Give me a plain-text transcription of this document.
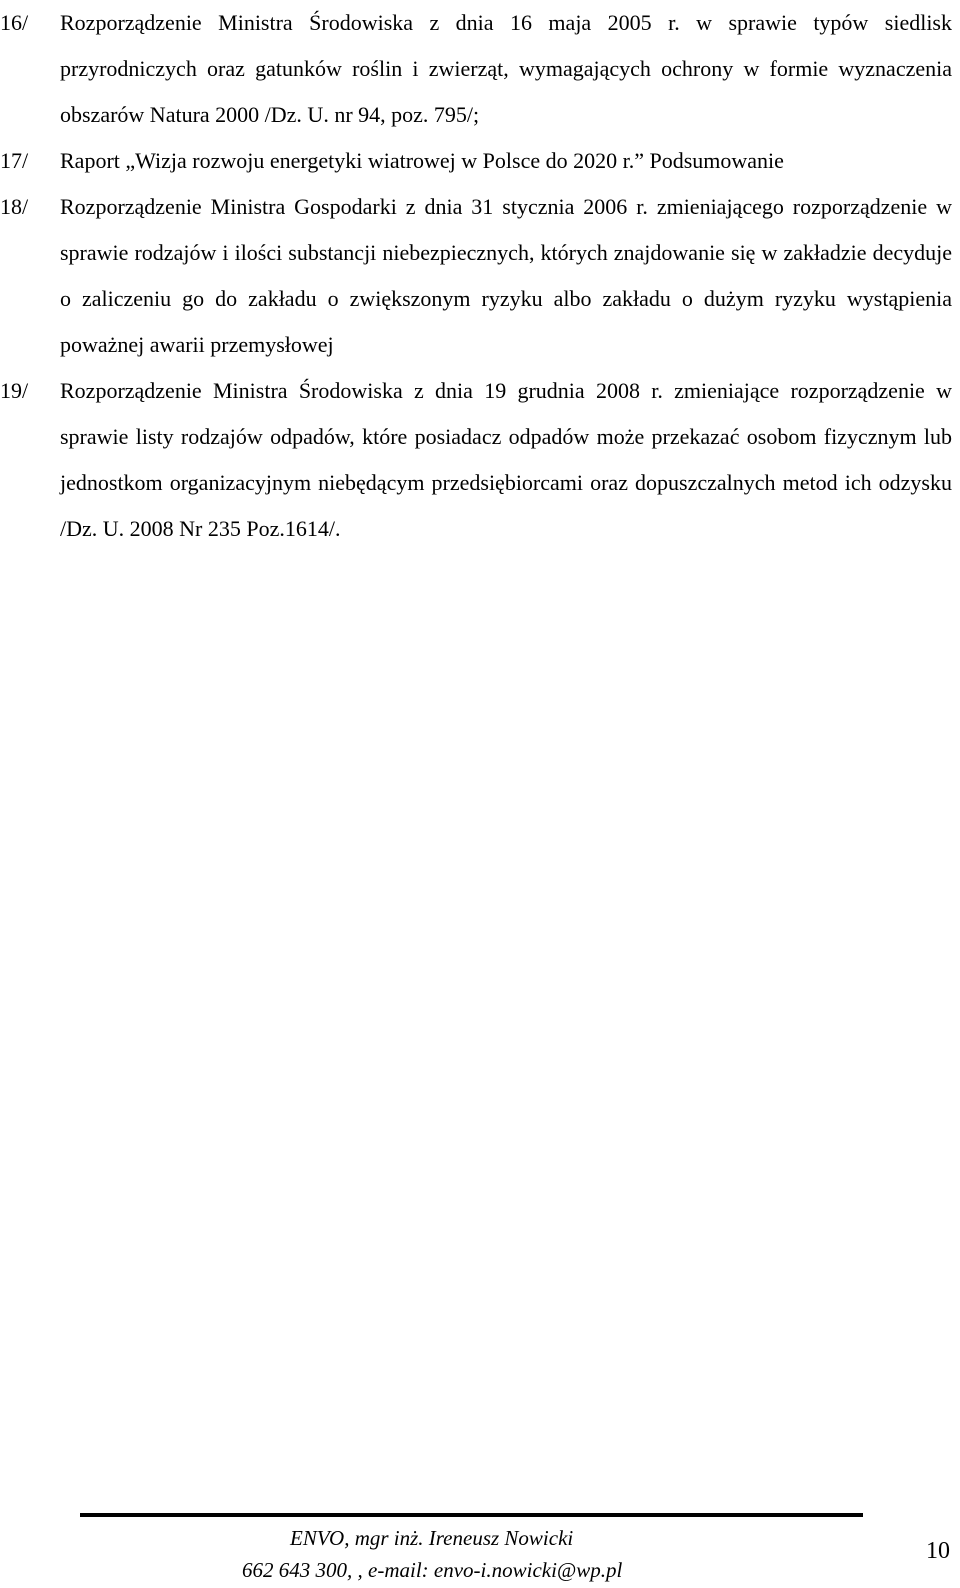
16/ Rozporządzenie Ministra Środowiska z dnia 16 maja 2005 r. w sprawie typów siedlisk przyrodniczych oraz gatunków roślin i zwierząt, wymagających ochrony w formie wyznaczenia obszarów Natura 2000 /Dz. U. nr 94, poz. 795/;
17/ Raport „Wizja rozwoju energetyki wiatrowej w Polsce do 2020 r.” Podsumowanie
18/ Rozporządzenie Ministra Gospodarki z dnia 31 stycznia 2006 r. zmieniającego rozporządzenie w sprawie rodzajów i ilości substancji niebezpiecznych, których znajdowanie się w zakładzie decyduje o zaliczeniu go do zakładu o zwiększonym ryzyku albo zakładu o dużym ryzyku wystąpienia poważnej awarii przemysłowej
19/ Rozporządzenie Ministra Środowiska z dnia 19 grudnia 2008 r. zmieniające rozporządzenie w sprawie listy rodzajów odpadów, które posiadacz odpadów może przekazać osobom fizycznym lub jednostkom organizacyjnym niebędącym przedsiębiorcami oraz dopuszczalnych metod ich odzysku /Dz. U. 2008 Nr 235 Poz.1614/.
ENVO, mgr inż. Ireneusz Nowicki
662 643 300, , e-mail: envo-i.nowicki@wp.pl
10
